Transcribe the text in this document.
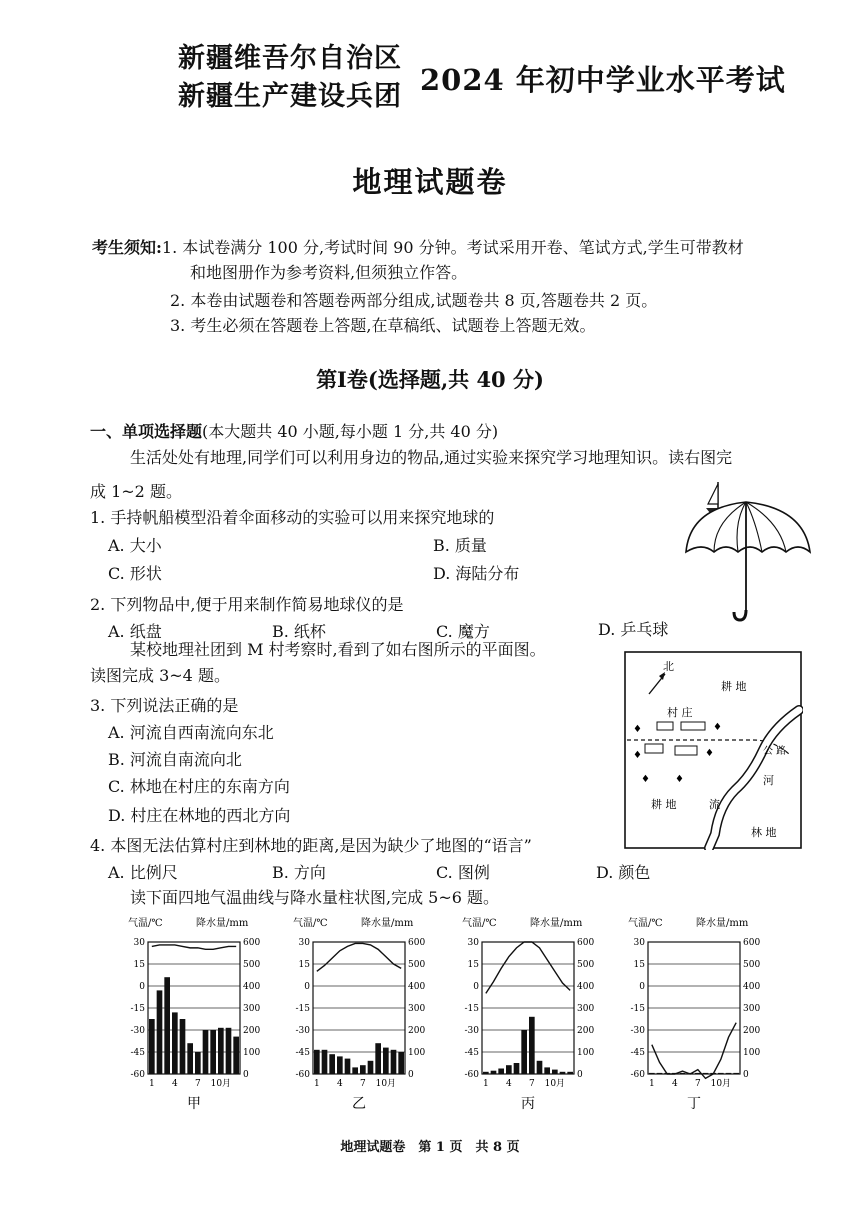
新疆维吾尔自治区
新疆生产建设兵团 2024 年初中学业水平考试
地理试题卷
考生须知:1. 本试卷满分 100 分,考试时间 90 分钟。考试采用开卷、笔试方式,学生可带教材
和地图册作为参考资料,但须独立作答。
2. 本卷由试题卷和答题卷两部分组成,试题卷共 8 页,答题卷共 2 页。
3. 考生必须在答题卷上答题,在草稿纸、试题卷上答题无效。
第Ⅰ卷(选择题,共 40 分)
一、单项选择题(本大题共 40 小题,每小题 1 分,共 40 分)
生活处处有地理,同学们可以利用身边的物品,通过实验来探究学习地理知识。读右图完
成 1~2 题。
1. 手持帆船模型沿着伞面移动的实验可以用来探究地球的
A. 大小	B. 质量
C. 形状	D. 海陆分布
2. 下列物品中,便于用来制作简易地球仪的是
A. 纸盘	B. 纸杯	C. 魔方	D. 乒乓球
某校地理社团到 M 村考察时,看到了如右图所示的平面图。
读图完成 3~4 题。
3. 下列说法正确的是
A. 河流自西南流向东北
B. 河流自南流向北
C. 林地在村庄的东南方向
D. 村庄在林地的西北方向
4. 本图无法估算村庄到林地的距离,是因为缺少了地图的“语言”
A. 比例尺	B. 方向	C. 图例	D. 颜色
读下面四地气温曲线与降水量柱状图,完成 5~6 题。
北
耕 地
村 庄
♦	♦
♦	♦
♦	♦
公 路
河
流
耕 地
林 地
气温/℃	降水量/mm
30	600
15	500
0	400
-15	300
-30	200
-45	100
-60	0
1 4 7 10月
甲
气温/℃	降水量/mm
30	600
15	500
0	400
-15	300
-30	200
-45	100
-60	0
1 4 7 10月
乙
气温/℃	降水量/mm
30	600
15	500
0	400
-15	300
-30	200
-45	100
-60	0
1 4 7 10月
丙
气温/℃	降水量/mm
30	600
15	500
0	400
-15	300
-30	200
-45	100
-60	0
1 4 7 10月
丁
地理试题卷　第 1 页　共 8 页
